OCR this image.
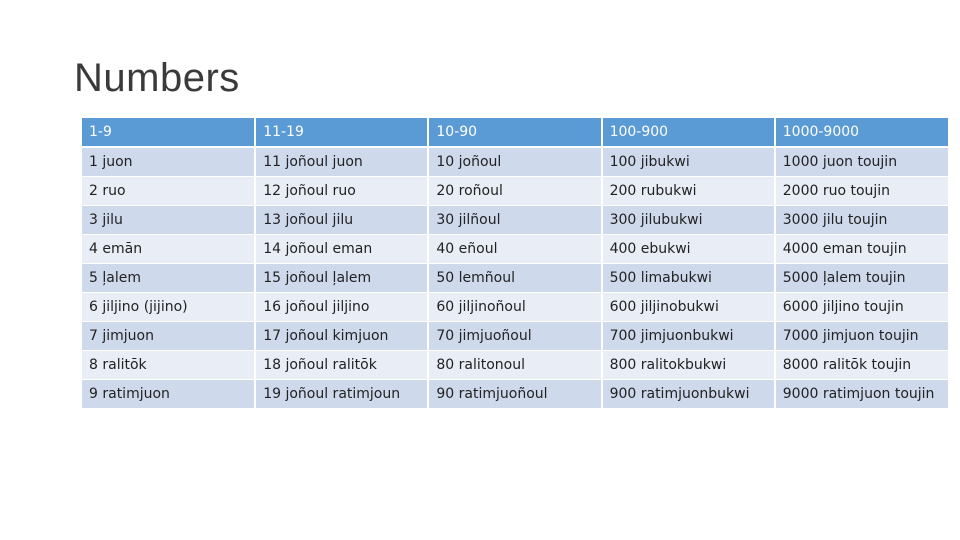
Numbers
1-9	11-19	10-90	100-900	1000-9000
1 juon	11 joñoul juon	10 joñoul	100 jibukwi	1000 juon toujin
2 ruo	12 joñoul ruo	20 roñoul	200 rubukwi	2000 ruo toujin
3 jilu	13 joñoul jilu	30 jilñoul	300 jilubukwi	3000 jilu toujin
4 emān	14 joñoul eman	40 eñoul	400 ebukwi	4000 eman toujin
5 ļalem	15 joñoul ļalem	50 lemñoul	500 limabukwi	5000 ļalem toujin
6 jiljino (jijino)	16 joñoul jiljino	60 jiljinoñoul	600 jiljinobukwi	6000 jiljino toujin
7 jimjuon	17 joñoul kimjuon	70 jimjuoñoul	700 jimjuonbukwi	7000 jimjuon toujin
8 ralitōk	18 joñoul ralitōk	80 ralitonoul	800 ralitokbukwi	8000 ralitōk toujin
9 ratimjuon	19 joñoul ratimjoun	90 ratimjuoñoul	900 ratimjuonbukwi	9000 ratimjuon toujin
